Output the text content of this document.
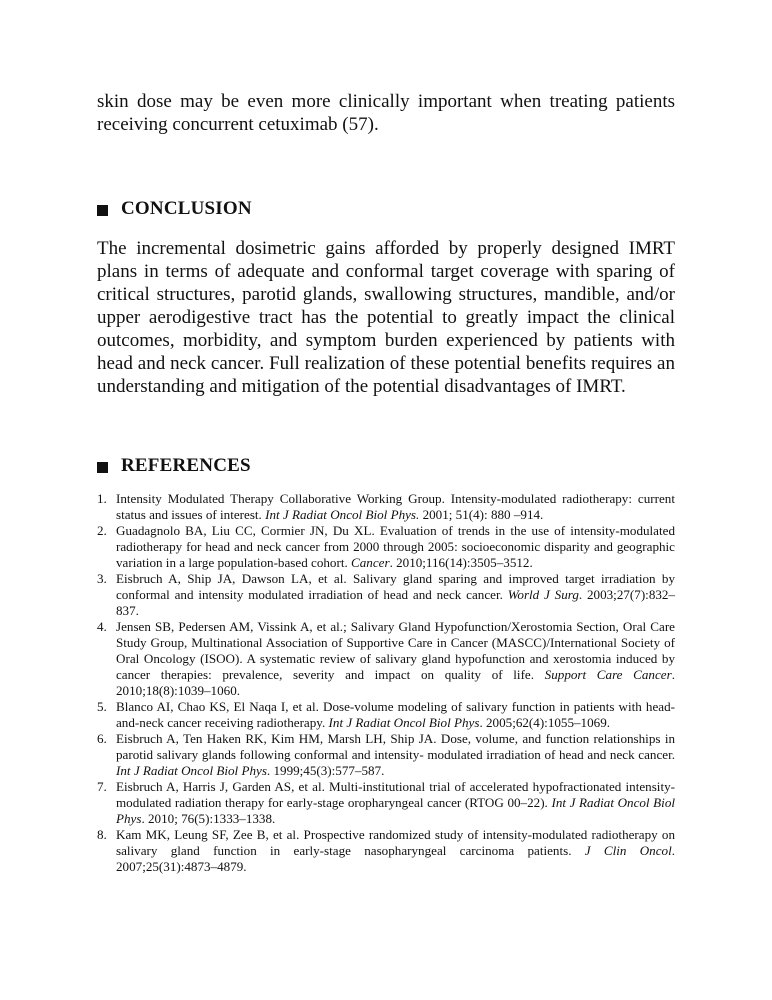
skin dose may be even more clinically important when treating patients receiving concurrent cetuximab (57).

CONCLUSION

The incremental dosimetric gains afforded by properly designed IMRT plans in terms of adequate and conformal target coverage with sparing of critical structures, parotid glands, swallowing structures, mandible, and/or upper aerodigestive tract has the potential to greatly impact the clinical outcomes, morbidity, and symptom burden experienced by patients with head and neck cancer. Full realization of these potential benefits requires an understanding and mitigation of the potential disadvantages of IMRT.

REFERENCES
1. Intensity Modulated Therapy Collaborative Working Group. Intensity-modulated radiotherapy: current status and issues of interest. Int J Radiat Oncol Biol Phys. 2001; 51(4): 880 –914.
2. Guadagnolo BA, Liu CC, Cormier JN, Du XL. Evaluation of trends in the use of intensity-modulated radiotherapy for head and neck cancer from 2000 through 2005: socioeconomic disparity and geographic variation in a large population-based cohort. Cancer. 2010;116(14):3505–3512.
3. Eisbruch A, Ship JA, Dawson LA, et al. Salivary gland sparing and improved target irradiation by conformal and intensity modulated irradiation of head and neck cancer. World J Surg. 2003;27(7):832–837.
4. Jensen SB, Pedersen AM, Vissink A, et al.; Salivary Gland Hypofunction/Xerostomia Section, Oral Care Study Group, Multinational Association of Supportive Care in Cancer (MASCC)/International Society of Oral Oncology (ISOO). A systematic review of salivary gland hypofunction and xerostomia induced by cancer therapies: prevalence, severity and impact on quality of life. Support Care Cancer. 2010;18(8):1039–1060.
5. Blanco AI, Chao KS, El Naqa I, et al. Dose-volume modeling of salivary function in patients with head-and-neck cancer receiving radiotherapy. Int J Radiat Oncol Biol Phys. 2005;62(4):1055–1069.
6. Eisbruch A, Ten Haken RK, Kim HM, Marsh LH, Ship JA. Dose, volume, and function relationships in parotid salivary glands following conformal and intensity- modulated irradiation of head and neck cancer. Int J Radiat Oncol Biol Phys. 1999;45(3):577–587.
7. Eisbruch A, Harris J, Garden AS, et al. Multi-institutional trial of accelerated hypofractionated intensity- modulated radiation therapy for early-stage oropharyngeal cancer (RTOG 00–22). Int J Radiat Oncol Biol Phys. 2010; 76(5):1333–1338.
8. Kam MK, Leung SF, Zee B, et al. Prospective randomized study of intensity-modulated radiotherapy on salivary gland function in early-stage nasopharyngeal carcinoma patients. J Clin Oncol. 2007;25(31):4873–4879.
